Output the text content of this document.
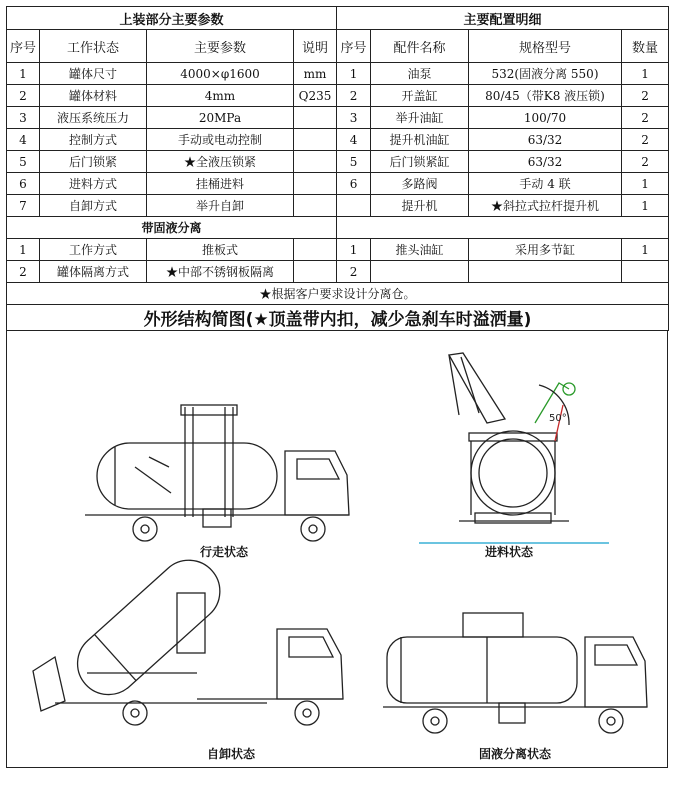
上装部分主要参数				主要配置明细			
序号	工作状态	主要参数	说明	序号	配件名称	规格型号	数量
1	罐体尺寸	4000×φ1600	mm	1	油泵	532(固液分离 550)	1
2	罐体材料	4mm	Q235	2	开盖缸	80/45（带K8 液压锁)	2
3	液压系统压力	20MPa		3	举升油缸	100/70	2
4	控制方式	手动或电动控制		4	提升机油缸	63/32	2
5	后门锁紧	★全液压锁紧		5	后门锁紧缸	63/32	2
6	进料方式	挂桶进料		6	多路阀	手动 4 联	1
7	自卸方式	举升自卸			提升机	★斜拉式拉杆提升机	1
带固液分离							
1	工作方式	推板式		1	推头油缸	采用多节缸	1
2	罐体隔离方式	★中部不锈钢板隔离		2			
★根据客户要求设计分离仓。							
外形结构简图(★顶盖带内扣，减少急刹车时溢洒量)							
行走状态
50°
进料状态
自卸状态	固液分离状态
